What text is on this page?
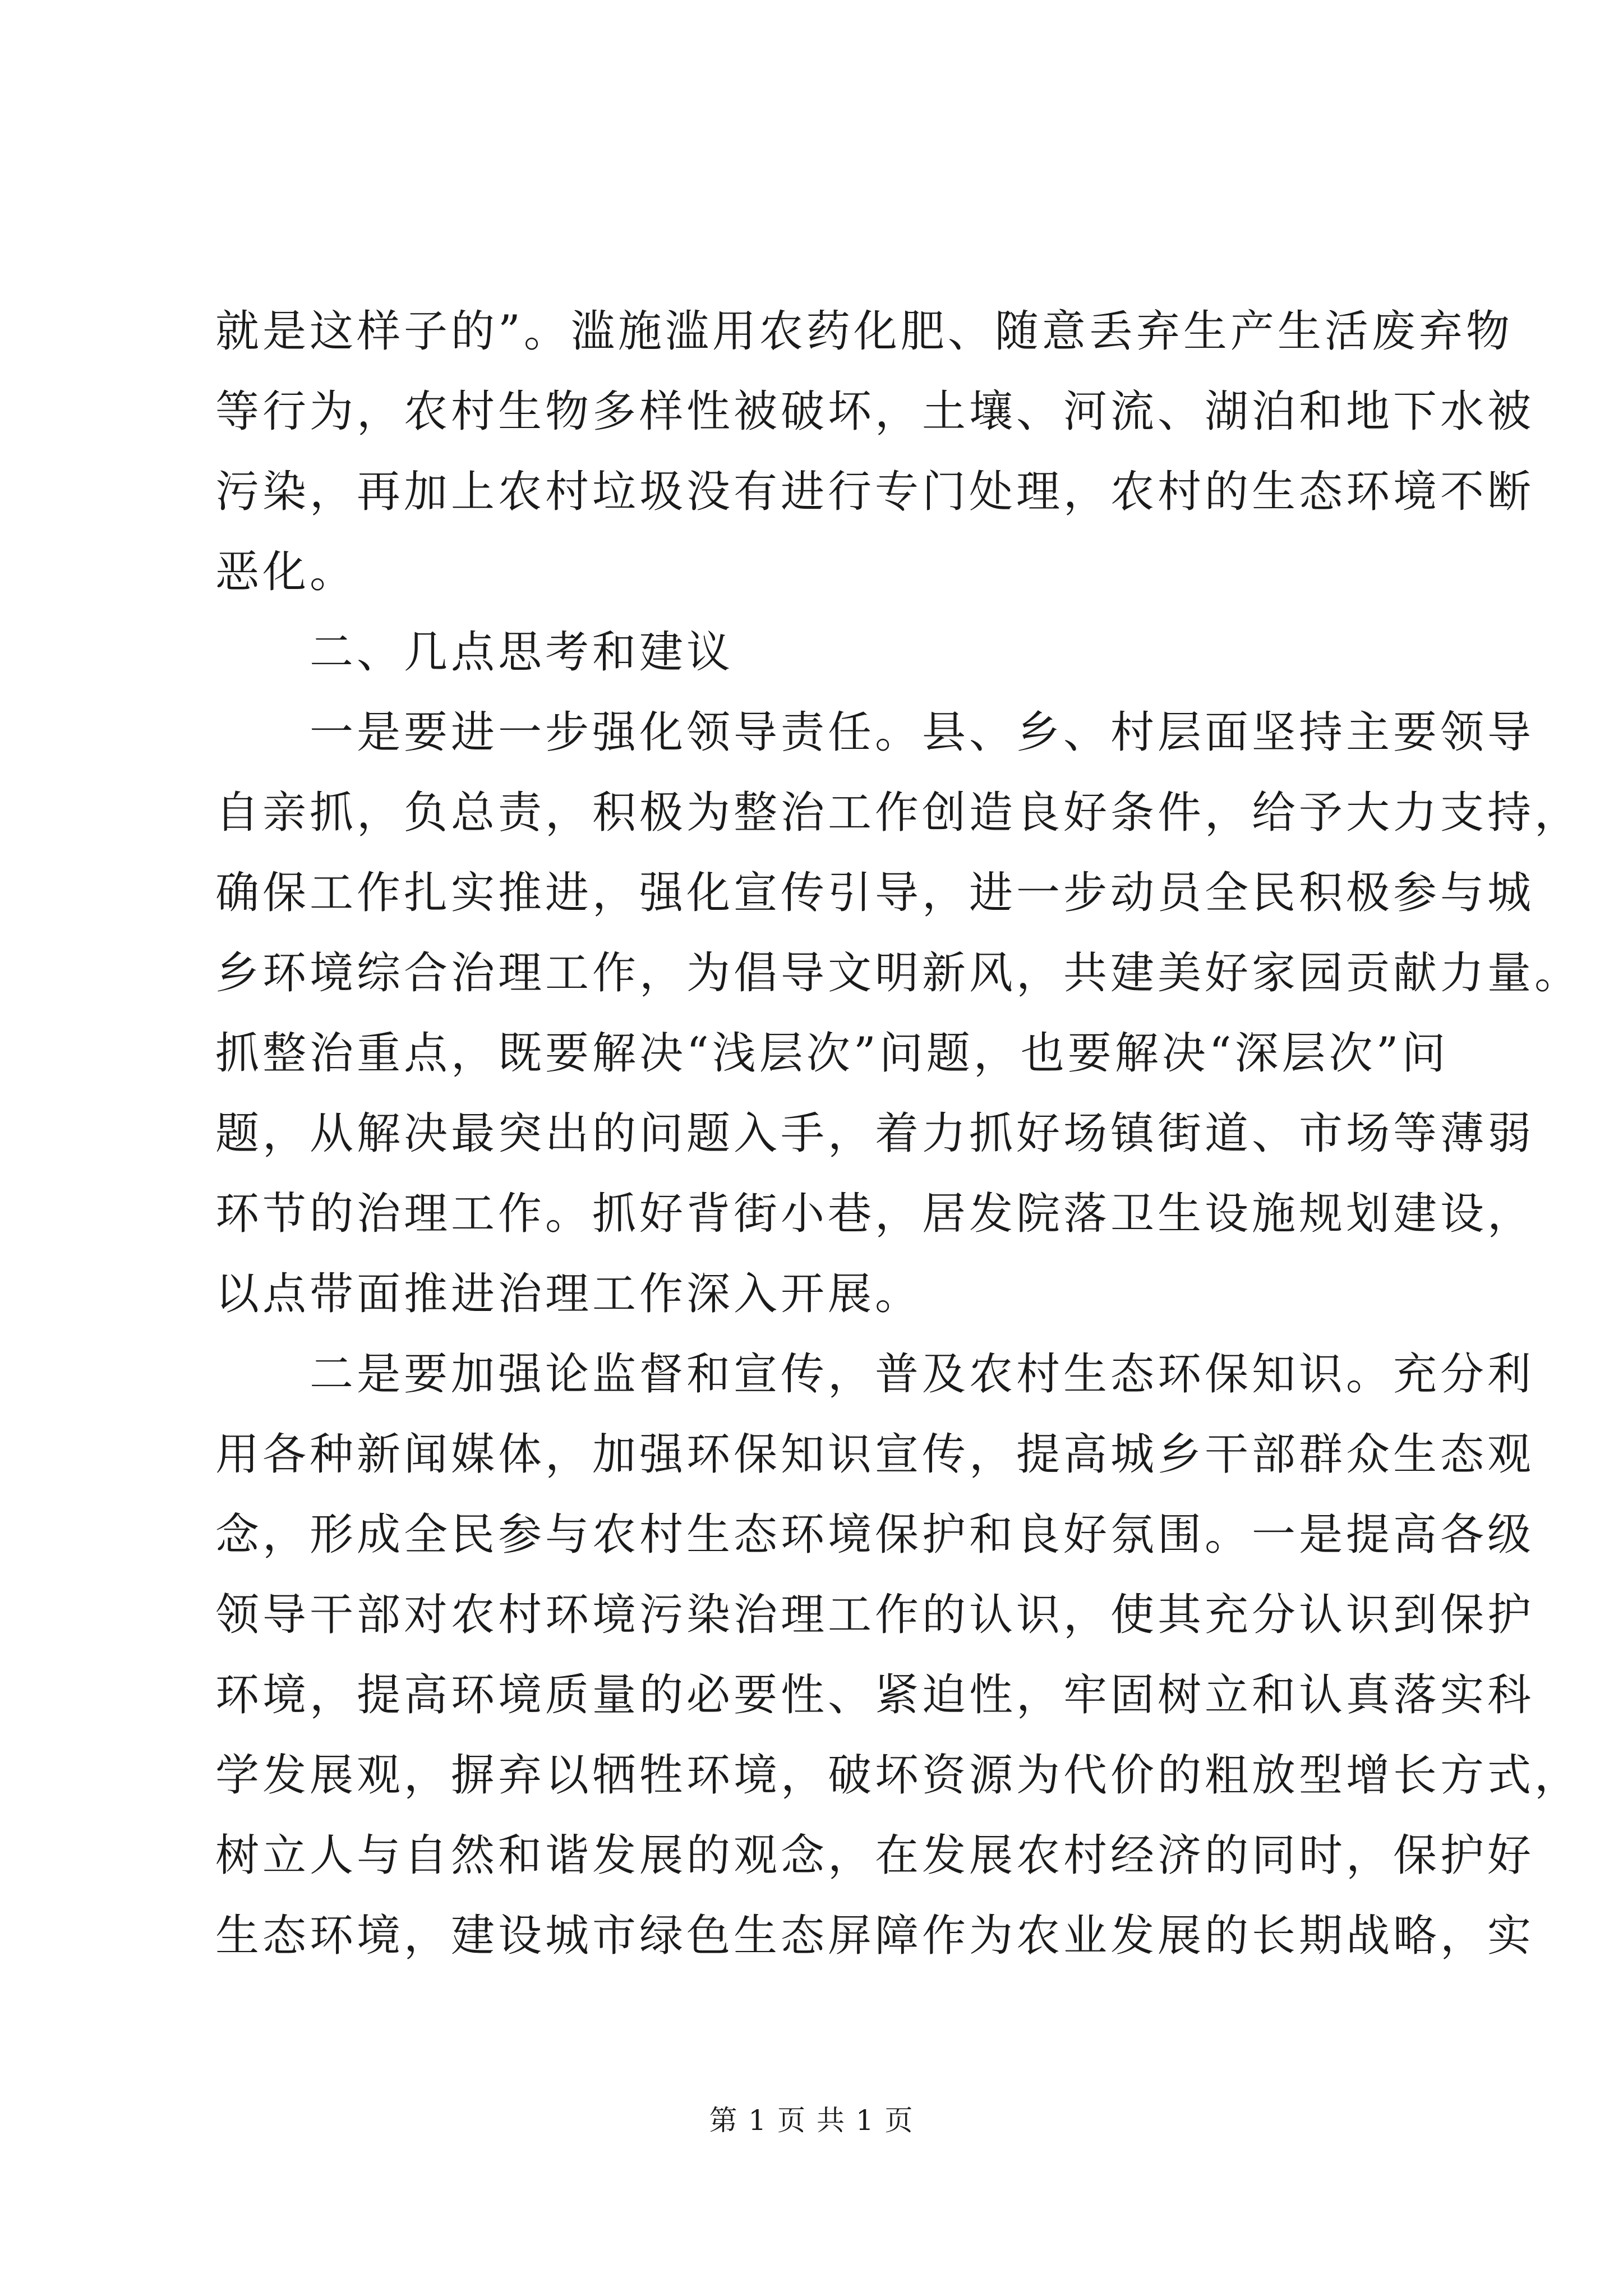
就是这样子的”。滥施滥用农药化肥、随意丢弃生产生活废弃物
等行为，农村生物多样性被破坏，土壤、河流、湖泊和地下水被
污染，再加上农村垃圾没有进行专门处理，农村的生态环境不断
恶化。
二、几点思考和建议
一是要进一步强化领导责任。县、乡、村层面坚持主要领导
自亲抓，负总责，积极为整治工作创造良好条件，给予大力支持，
确保工作扎实推进，强化宣传引导，进一步动员全民积极参与城
乡环境综合治理工作，为倡导文明新风，共建美好家园贡献力量。
抓整治重点，既要解决“浅层次”问题，也要解决“深层次”问
题，从解决最突出的问题入手，着力抓好场镇街道、市场等薄弱
环节的治理工作。抓好背街小巷，居发院落卫生设施规划建设，
以点带面推进治理工作深入开展。
二是要加强论监督和宣传，普及农村生态环保知识。充分利
用各种新闻媒体，加强环保知识宣传，提高城乡干部群众生态观
念，形成全民参与农村生态环境保护和良好氛围。一是提高各级
领导干部对农村环境污染治理工作的认识，使其充分认识到保护
环境，提高环境质量的必要性、紧迫性，牢固树立和认真落实科
学发展观，摒弃以牺牲环境，破坏资源为代价的粗放型增长方式，
树立人与自然和谐发展的观念，在发展农村经济的同时，保护好
生态环境，建设城市绿色生态屏障作为农业发展的长期战略，实
第 1 页 共 1 页
